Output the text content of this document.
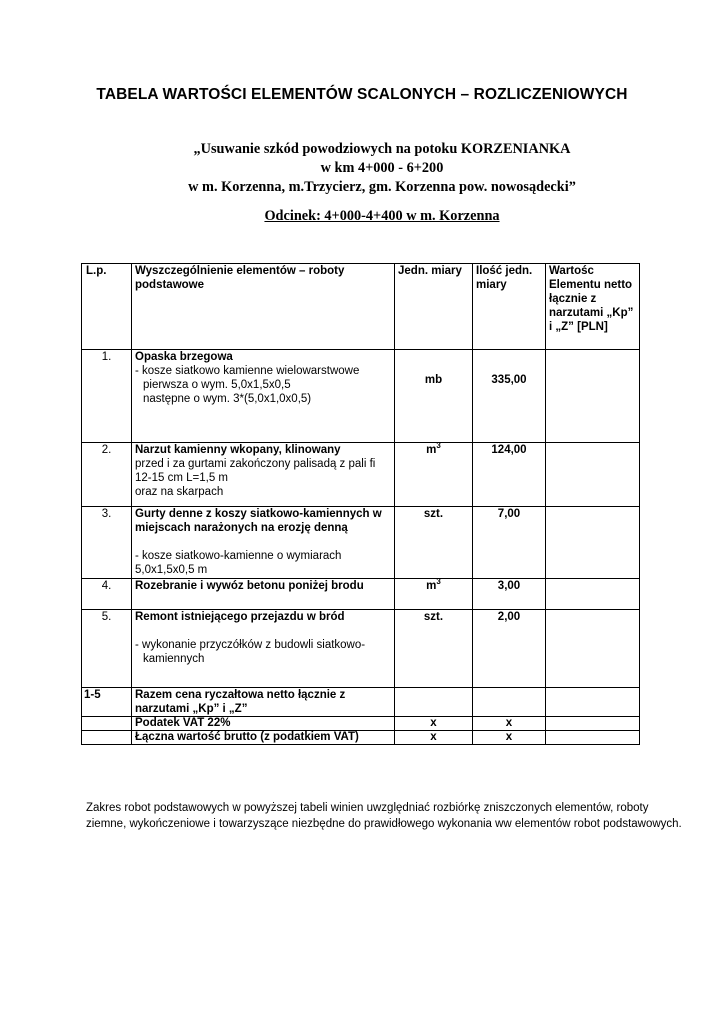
TABELA WARTOŚCI ELEMENTÓW SCALONYCH – ROZLICZENIOWYCH
„Usuwanie szkód powodziowych na potoku KORZENIANKA
w km 4+000 - 6+200
w m. Korzenna, m.Trzycierz, gm. Korzenna pow. nowosądecki”
Odcinek: 4+000-4+400 w m. Korzenna
L.p.	Wyszczególnienie elementów – roboty podstawowe	Jedn. miary	Ilość jedn. miary	Wartośc Elementu netto łącznie z narzutami „Kp” i „Z” [PLN]
1.	Opaska brzegowa
- kosze siatkowo kamienne wielowarstwowe
pierwsza o wym. 5,0x1,5x0,5
następne o wym. 3*(5,0x1,0x0,5)	mb	335,00	
2.	Narzut kamienny wkopany, klinowany
przed i za gurtami zakończony palisadą z pali fi 12-15 cm L=1,5 m
oraz na skarpach	$m^3$	124,00	
3.	Gurty denne z koszy siatkowo-kamiennych w miejscach narażonych na erozję denną
- kosze siatkowo-kamienne o wymiarach 5,0x1,5x0,5 m	szt.	7,00	
4.	Rozebranie i wywóz betonu poniżej brodu	$m^3$	3,00	
5.	Remont istniejącego przejazdu w bród
- wykonanie przyczółków z budowli siatkowo-
kamiennych	szt.	2,00	
1-5	Razem cena ryczałtowa netto łącznie z narzutami „Kp” i „Z”			
	Podatek VAT 22%	x	x	
	Łączna wartość brutto (z podatkiem VAT)	x	x	
Zakres robot podstawowych w powyższej tabeli winien uwzględniać rozbiórkę zniszczonych elementów, roboty ziemne, wykończeniowe i towarzyszące niezbędne do prawidłowego wykonania ww elementów robot podstawowych.
